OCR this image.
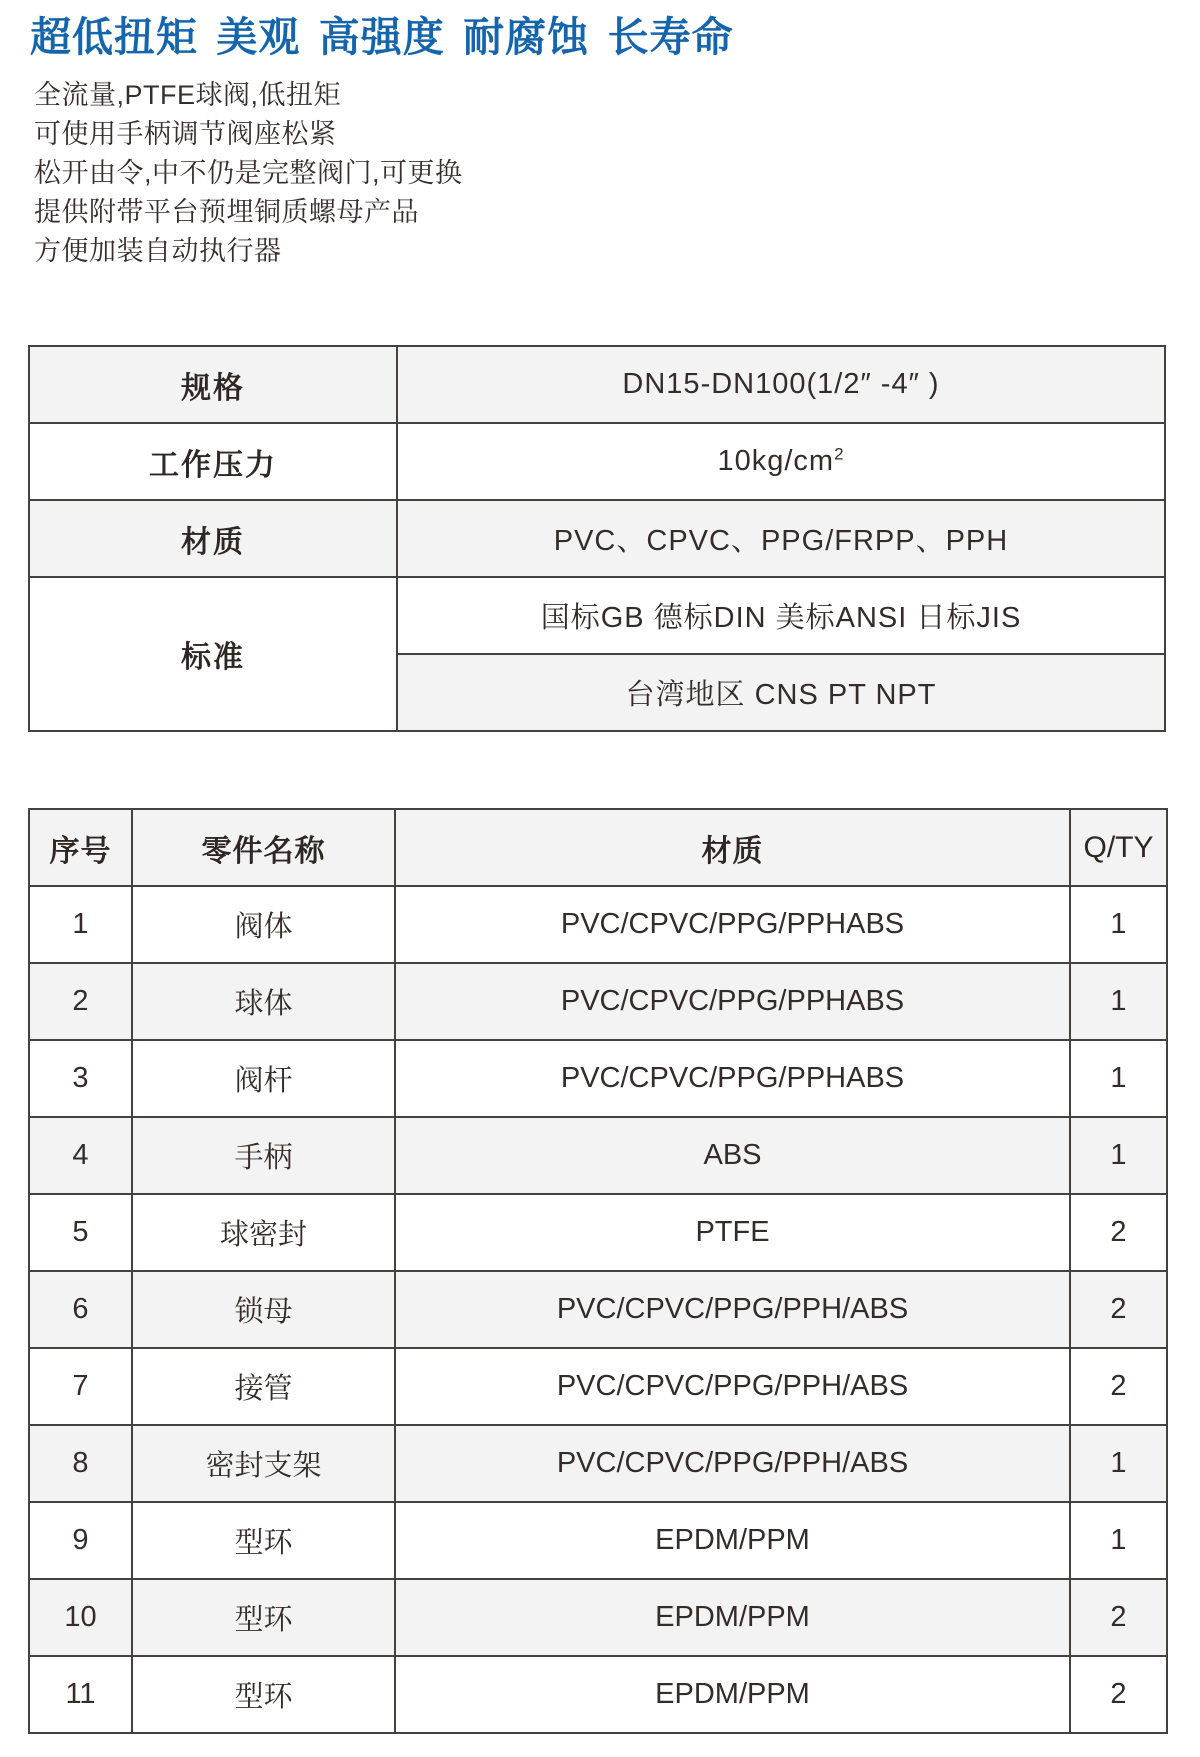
超低扭矩 美观 高强度 耐腐蚀 长寿命

全流量,PTFE球阀,低扭矩

可使用手柄调节阀座松紧

松开由令,中不仍是完整阀门,可更换

提供附带平台预埋铜质螺母产品

方便加装自动执行器

规格	DN15-DN100(1/2″ -4″ )
工作压力	$10kg/cm^2$
材质	PVC、CPVC、PPG/FRPP、PPH
标准	国标GB 德标DIN 美标ANSI 日标JIS
	台湾地区 CNS PT NPT
序号	零件名称	材质	Q/TY
1	阀体	PVC/CPVC/PPG/PPHABS	1
2	球体	PVC/CPVC/PPG/PPHABS	1
3	阀杆	PVC/CPVC/PPG/PPHABS	1
4	手柄	ABS	1
5	球密封	PTFE	2
6	锁母	PVC/CPVC/PPG/PPH/ABS	2
7	接管	PVC/CPVC/PPG/PPH/ABS	2
8	密封支架	PVC/CPVC/PPG/PPH/ABS	1
9	型环	EPDM/PPM	1
10	型环	EPDM/PPM	2
11	型环	EPDM/PPM	2
